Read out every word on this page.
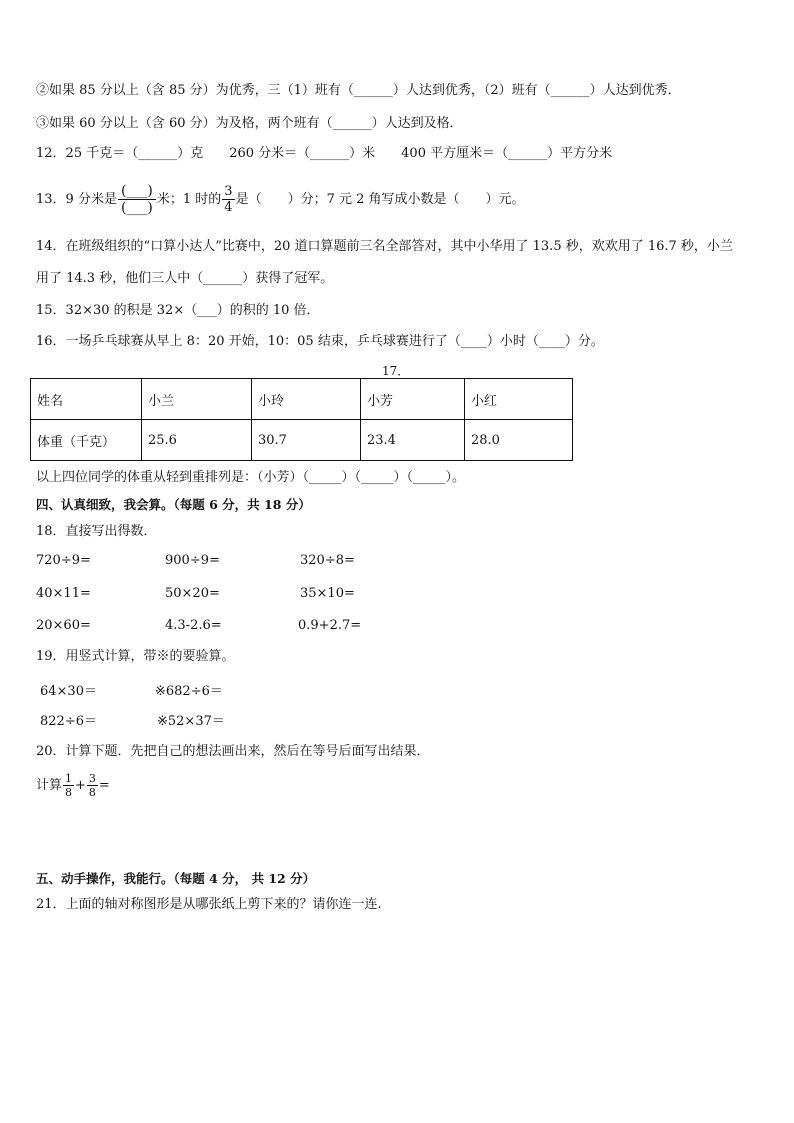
②如果 85 分以上（含 85 分）为优秀，三（1）班有（______）人达到优秀，（2）班有（______）人达到优秀．
③如果 60 分以上（含 60 分）为及格，两个班有（______）人达到及格．
12．25 千克＝（______）克　　260 分米＝（______）米　　400 平方厘米＝（______）平方分米
13．9 分米是 $\frac{(\_\_\_)}{(\_\_\_)}$ 米；1 时的 $\frac{3}{4}$ 是（　　）分；7 元 2 角写成小数是（　　）元。
14．在班级组织的“口算小达人”比赛中，20 道口算题前三名全部答对，其中小华用了 13.5 秒，欢欢用了 16.7 秒，小兰
用了 14.3 秒，他们三人中（______）获得了冠军。
15．32×30 的积是 32×（___）的积的 10 倍．
16．一场乒乓球赛从早上 8：20 开始，10：05 结束，乒乓球赛进行了（____）小时（____）分。
17．
姓名	小兰	小玲	小芳	小红
体重（千克）	25.6	30.7	23.4	28.0
以上四位同学的体重从轻到重排列是：（小芳）（_____）（_____）（_____）。
四、认真细致，我会算。（每题 6 分，共 18 分）
18．直接写出得数．
720÷9=	900÷9=	320÷8=
40×11=	50×20=	35×10=
20×60=	4.3-2.6=	0.9+2.7=
19．用竖式计算，带※的要验算。
64×30＝	※682÷6＝
822÷6＝	※52×37＝
20．计算下题．先把自己的想法画出来，然后在等号后面写出结果．
计算 $\frac{1}{8} + \frac{3}{8}$ =
五、动手操作，我能行。（每题 4 分， 共 12 分）
21．上面的轴对称图形是从哪张纸上剪下来的？请你连一连.
